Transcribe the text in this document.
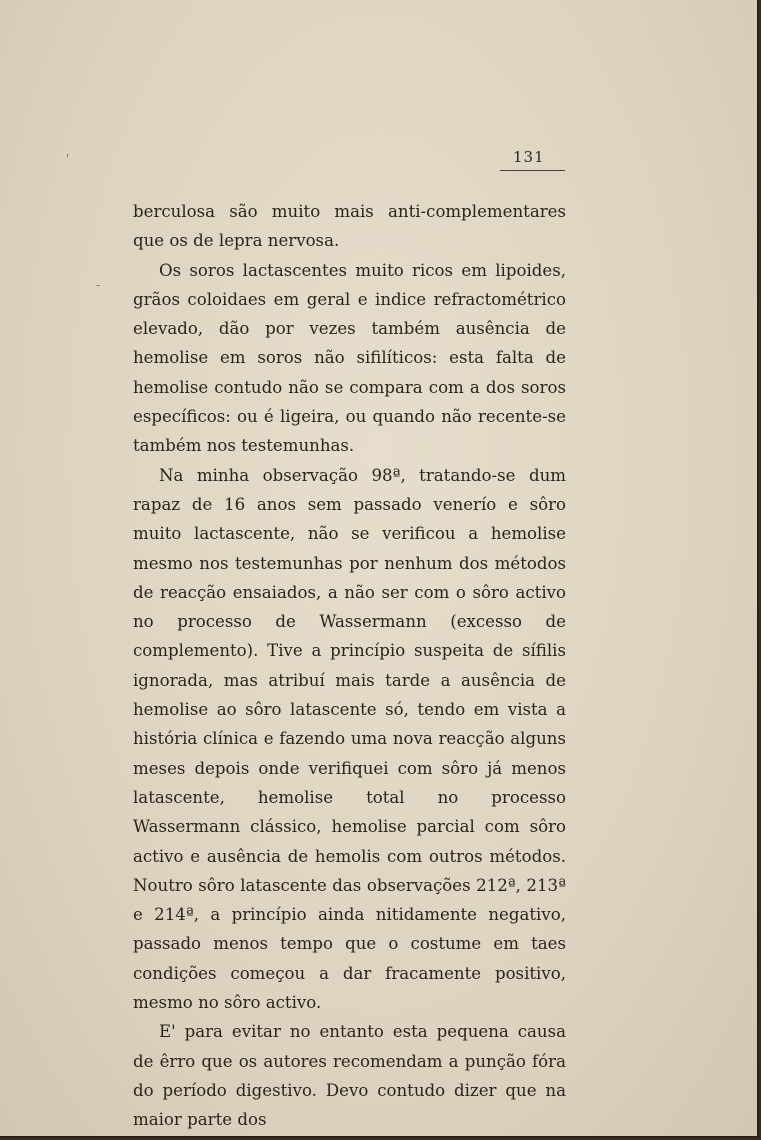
'
-
131

berculosa são muito mais anti-complementares que os de lepra nervosa.

Os soros lactascentes muito ricos em lipoides, grãos coloidaes em geral e indice refractométrico elevado, dão por vezes também ausência de hemolise em soros não sifilíticos: esta falta de hemolise contudo não se compara com a dos soros específicos: ou é ligeira, ou quando não recente-se também nos testemunhas.

Na minha observação 98ª, tratando-se dum rapaz de 16 anos sem passado venerío e sôro muito lactascente, não se verificou a hemolise mesmo nos testemunhas por nenhum dos métodos de reacção ensaiados, a não ser com o sôro activo no processo de Wassermann (excesso de complemento). Tive a princípio suspeita de sífilis ignorada, mas atribuí mais tarde a ausência de hemolise ao sôro latascente só, tendo em vista a história clínica e fazendo uma nova reacção alguns meses depois onde verifiquei com sôro já menos latascente, hemolise total no processo Wassermann clássico, hemolise parcial com sôro activo e ausência de hemolis com outros métodos. Noutro sôro latascente das observações 212ª, 213ª e 214ª, a princípio ainda nitidamente negativo, passado menos tempo que o costume em taes condições começou a dar fracamente positivo, mesmo no sôro activo.

E' para evitar no entanto esta pequena causa de êrro que os autores recomendam a punção fóra do período digestivo. Devo contudo dizer que na maior parte dos
